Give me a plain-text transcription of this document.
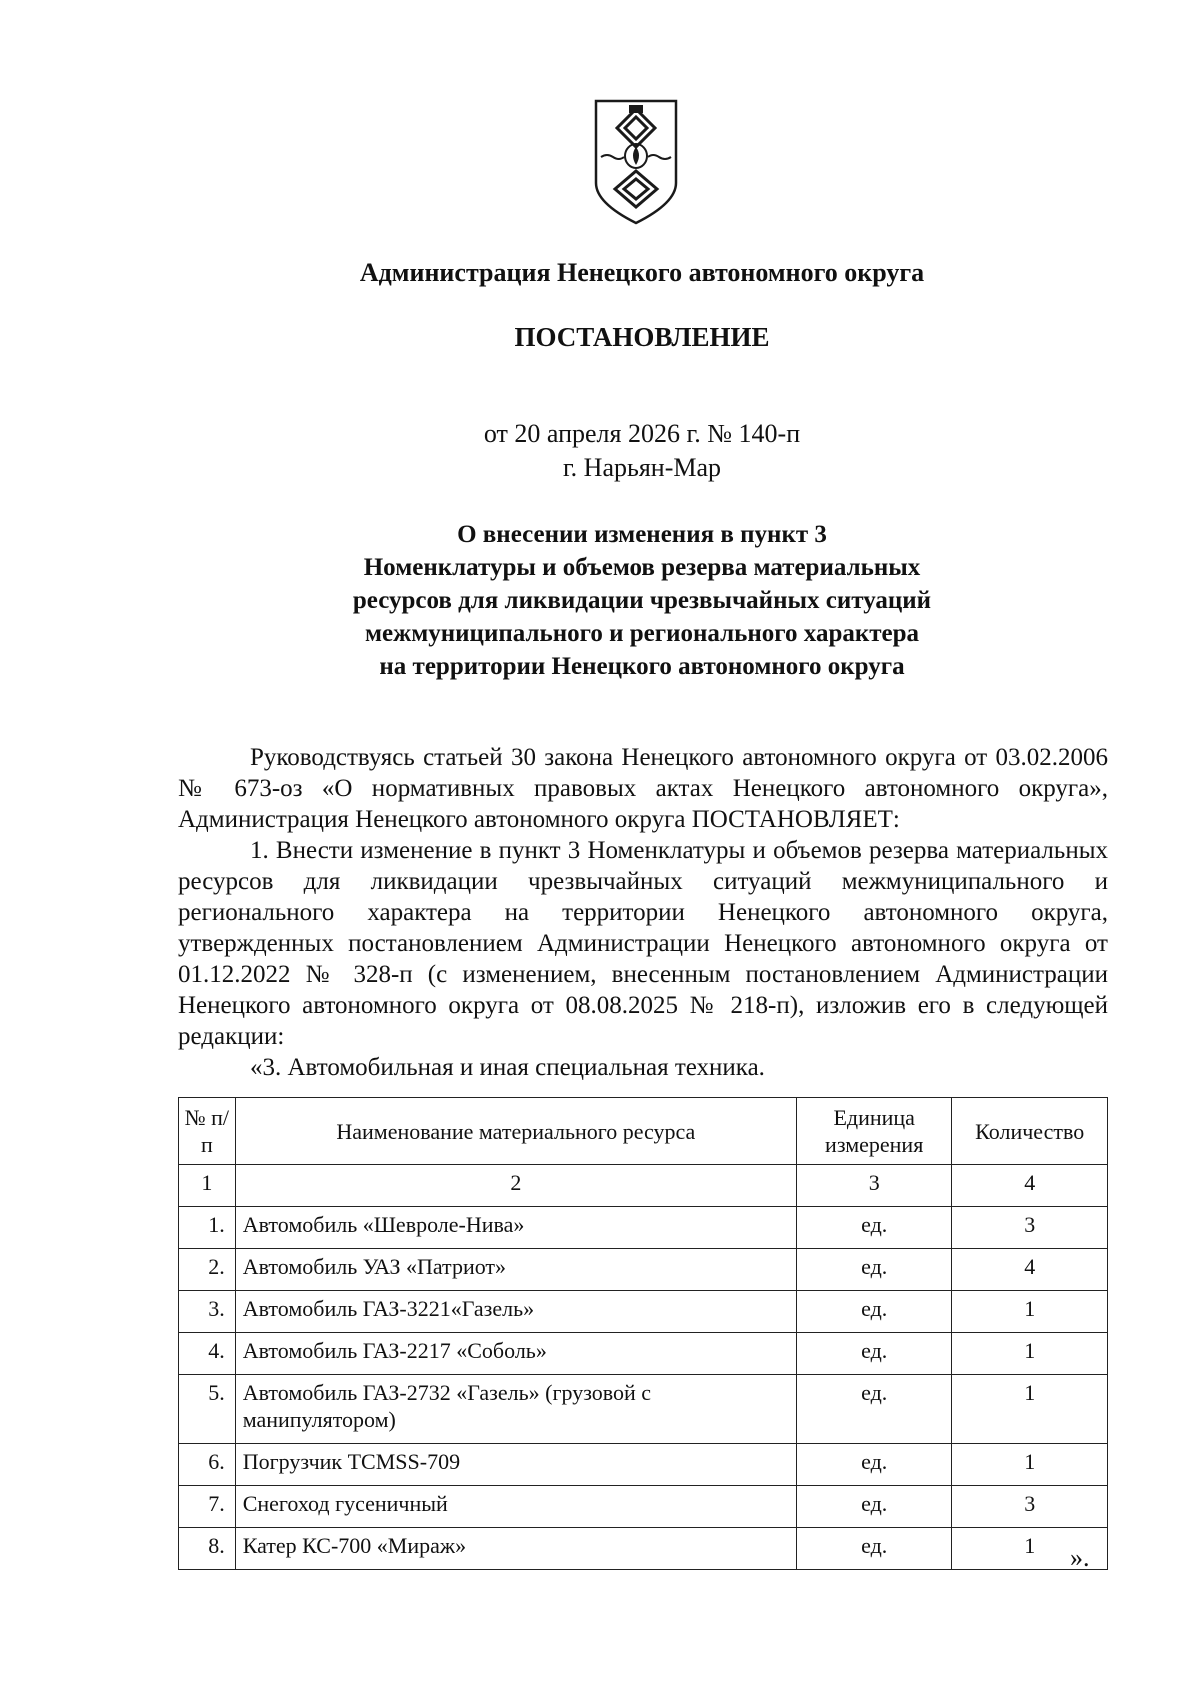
Администрация Ненецкого автономного округа
ПОСТАНОВЛЕНИЕ
от 20 апреля 2026 г. № 140-п
г. Нарьян-Мар
О внесении изменения в пункт 3
Номенклатуры и объемов резерва материальных
ресурсов для ликвидации чрезвычайных ситуаций
межмуниципального и регионального характера
на территории Ненецкого автономного округа

Руководствуясь статьей 30 закона Ненецкого автономного округа от 03.02.2006 № 673-оз «О нормативных правовых актах Ненецкого автономного округа», Администрация Ненецкого автономного округа ПОСТАНОВЛЯЕТ:

1. Внести изменение в пункт 3 Номенклатуры и объемов резерва материальных ресурсов для ликвидации чрезвычайных ситуаций межмуниципального и регионального характера на территории Ненецкого автономного округа, утвержденных постановлением Администрации Ненецкого автономного округа от 01.12.2022 № 328-п (с изменением, внесенным постановлением Администрации Ненецкого автономного округа от 08.08.2025 № 218-п), изложив его в следующей редакции:

«3. Автомобильная и иная специальная техника.

№ п/п	Наименование материального ресурса	Единица измерения	Количество
1	2	3	4
1.	Автомобиль «Шевроле-Нива»	ед.	3
2.	Автомобиль УАЗ «Патриот»	ед.	4
3.	Автомобиль ГАЗ-3221«Газель»	ед.	1
4.	Автомобиль ГАЗ-2217 «Соболь»	ед.	1
5.	Автомобиль ГАЗ-2732 «Газель» (грузовой с манипулятором)	ед.	1
6.	Погрузчик TCMSS-709	ед.	1
7.	Снегоход гусеничный	ед.	3
8.	Катер КС-700 «Мираж»	ед.	1 ».
